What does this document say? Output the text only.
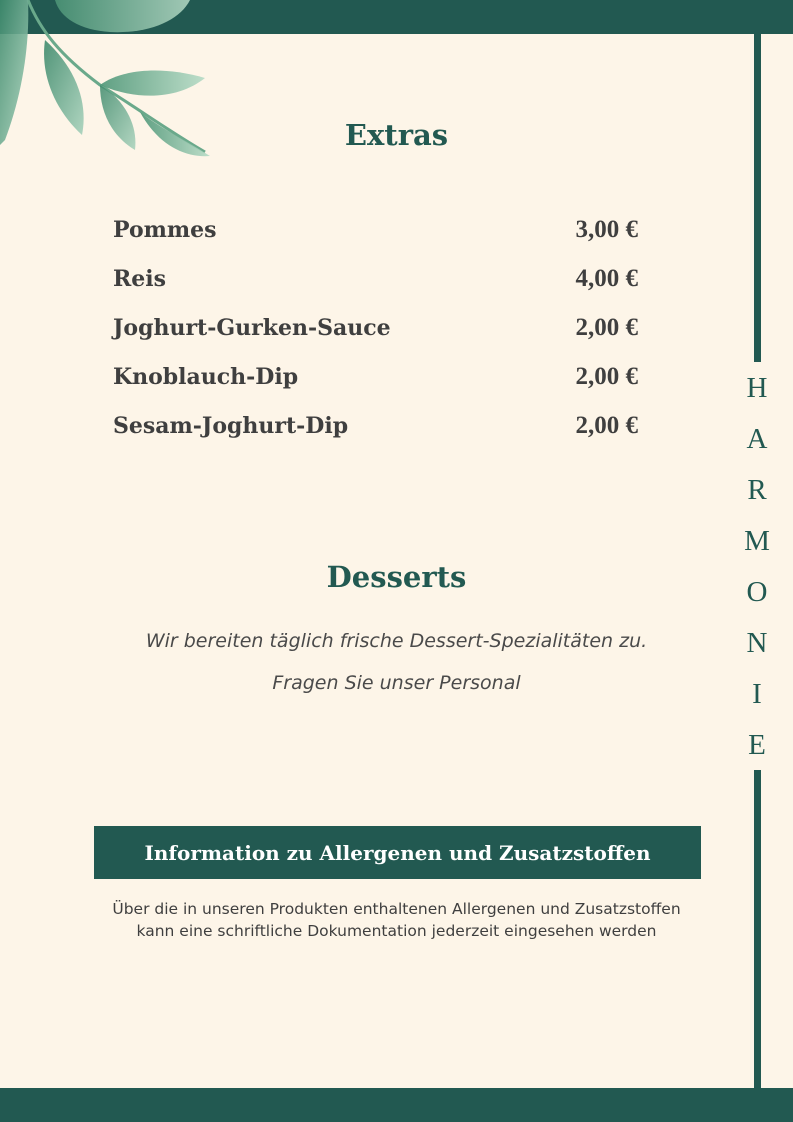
H
A
R
M
O
N
I
E
Extras
Pommes	3,00 €
Reis	4,00 €
Joghurt-Gurken-Sauce	2,00 €
Knoblauch-Dip	2,00 €
Sesam-Joghurt-Dip	2,00 €
Desserts
Wir bereiten täglich frische Dessert-Spezialitäten zu.
Fragen Sie unser Personal
Information zu Allergenen und Zusatzstoffen
Über die in unseren Produkten enthaltenen Allergenen und Zusatzstoffen
kann eine schriftliche Dokumentation jederzeit eingesehen werden
